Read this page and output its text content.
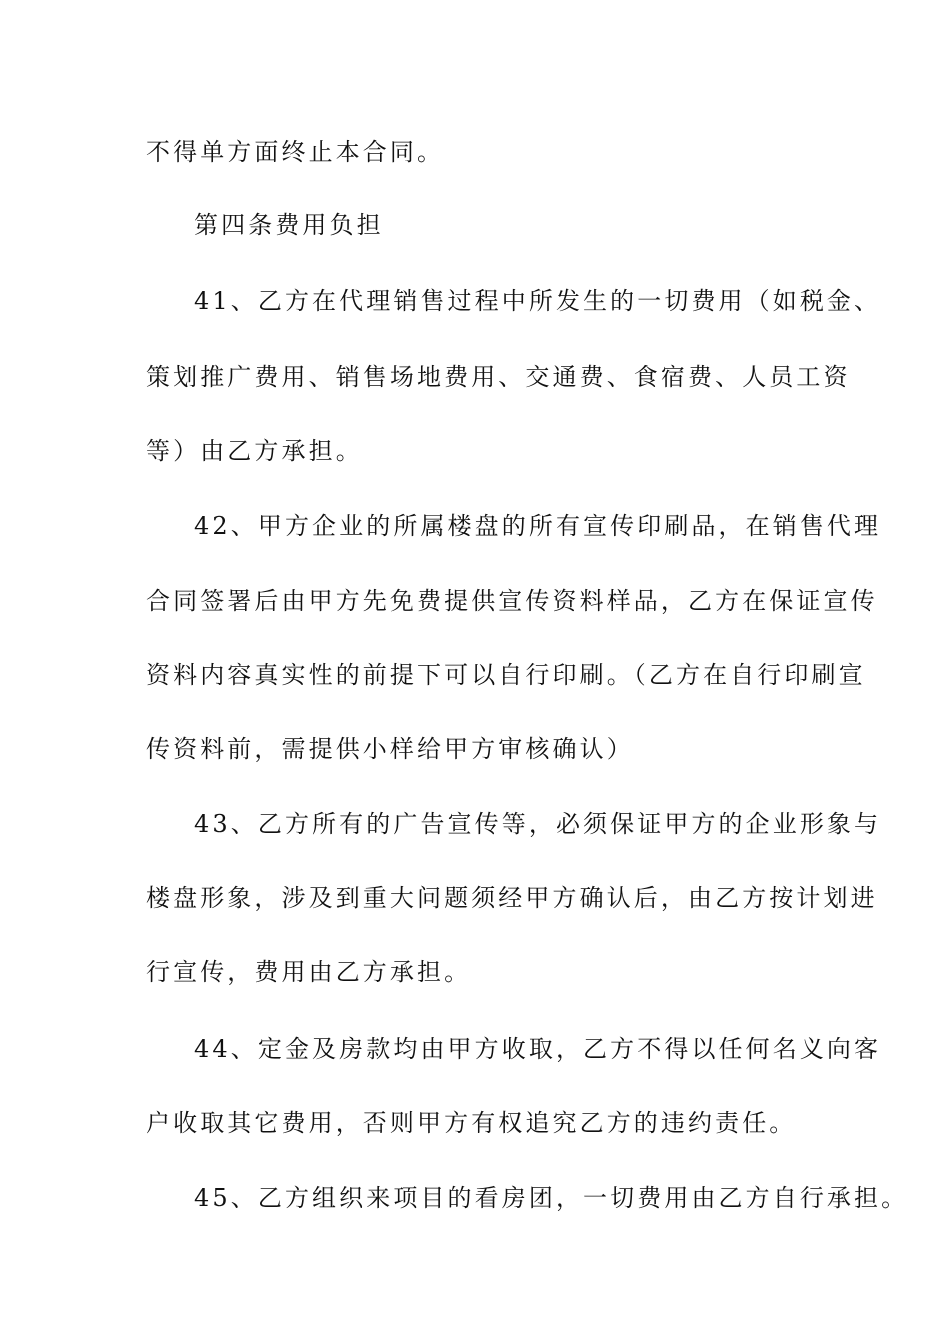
不得单方面终止本合同。
第四条费用负担
41、乙方在代理销售过程中所发生的一切费用（如税金、
策划推广费用、销售场地费用、交通费、食宿费、人员工资
等）由乙方承担。
42、甲方企业的所属楼盘的所有宣传印刷品，在销售代理
合同签署后由甲方先免费提供宣传资料样品，乙方在保证宣传
资料内容真实性的前提下可以自行印刷。（乙方在自行印刷宣
传资料前，需提供小样给甲方审核确认）
43、乙方所有的广告宣传等，必须保证甲方的企业形象与
楼盘形象，涉及到重大问题须经甲方确认后，由乙方按计划进
行宣传，费用由乙方承担。
44、定金及房款均由甲方收取，乙方不得以任何名义向客
户收取其它费用，否则甲方有权追究乙方的违约责任。
45、乙方组织来项目的看房团，一切费用由乙方自行承担。
